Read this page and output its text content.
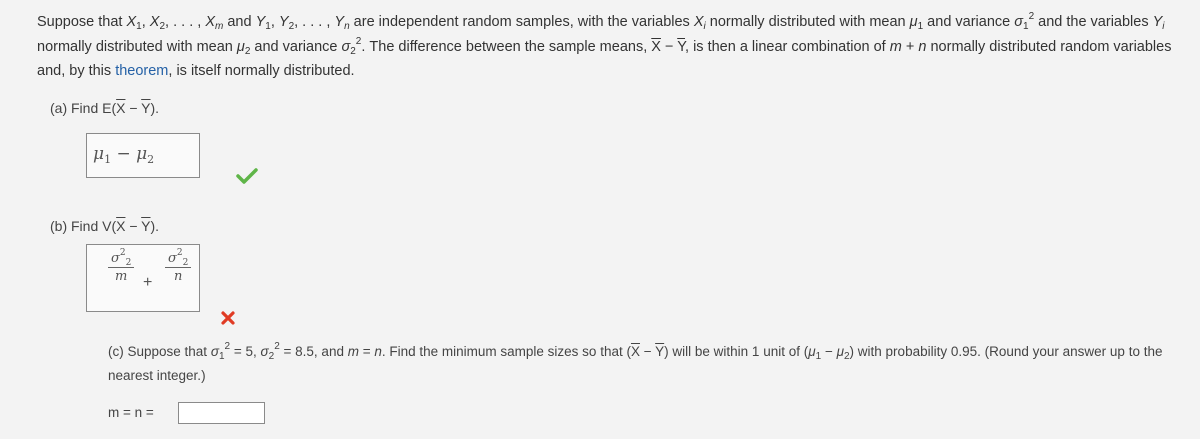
Suppose that $X_1$, $X_2$, . . . , $X_m$ and $Y_1$, $Y_2$, . . . , $Y_n$ are independent random samples, with the variables $X_i$ normally distributed with mean $\mu_1$ and variance $\sigma_1^2$ and the variables $Y_i$ normally distributed with mean $\mu_2$ and variance $\sigma_2^2$. The difference between the sample means, $\overline{X} - \overline{Y}$, is then a linear combination of m + n normally distributed random variables and, by this theorem, is itself normally distributed.
(a) Find $E(\overline{X} - \overline{Y})$.
$\mu_1 - \mu_2$
(b) Find $V(\overline{X} - \overline{Y})$.
$\frac{\sigma^2_2}{m} + \frac{\sigma^2_2}{n}$
(c) Suppose that $\sigma_1^2 = 5$, $\sigma_2^2 = 8.5$, and m = n. Find the minimum sample sizes so that $(\overline{X} - \overline{Y})$ will be within 1 unit of $(\mu_1 - \mu_2)$ with probability 0.95. (Round your answer up to the nearest integer.)
m = n =
